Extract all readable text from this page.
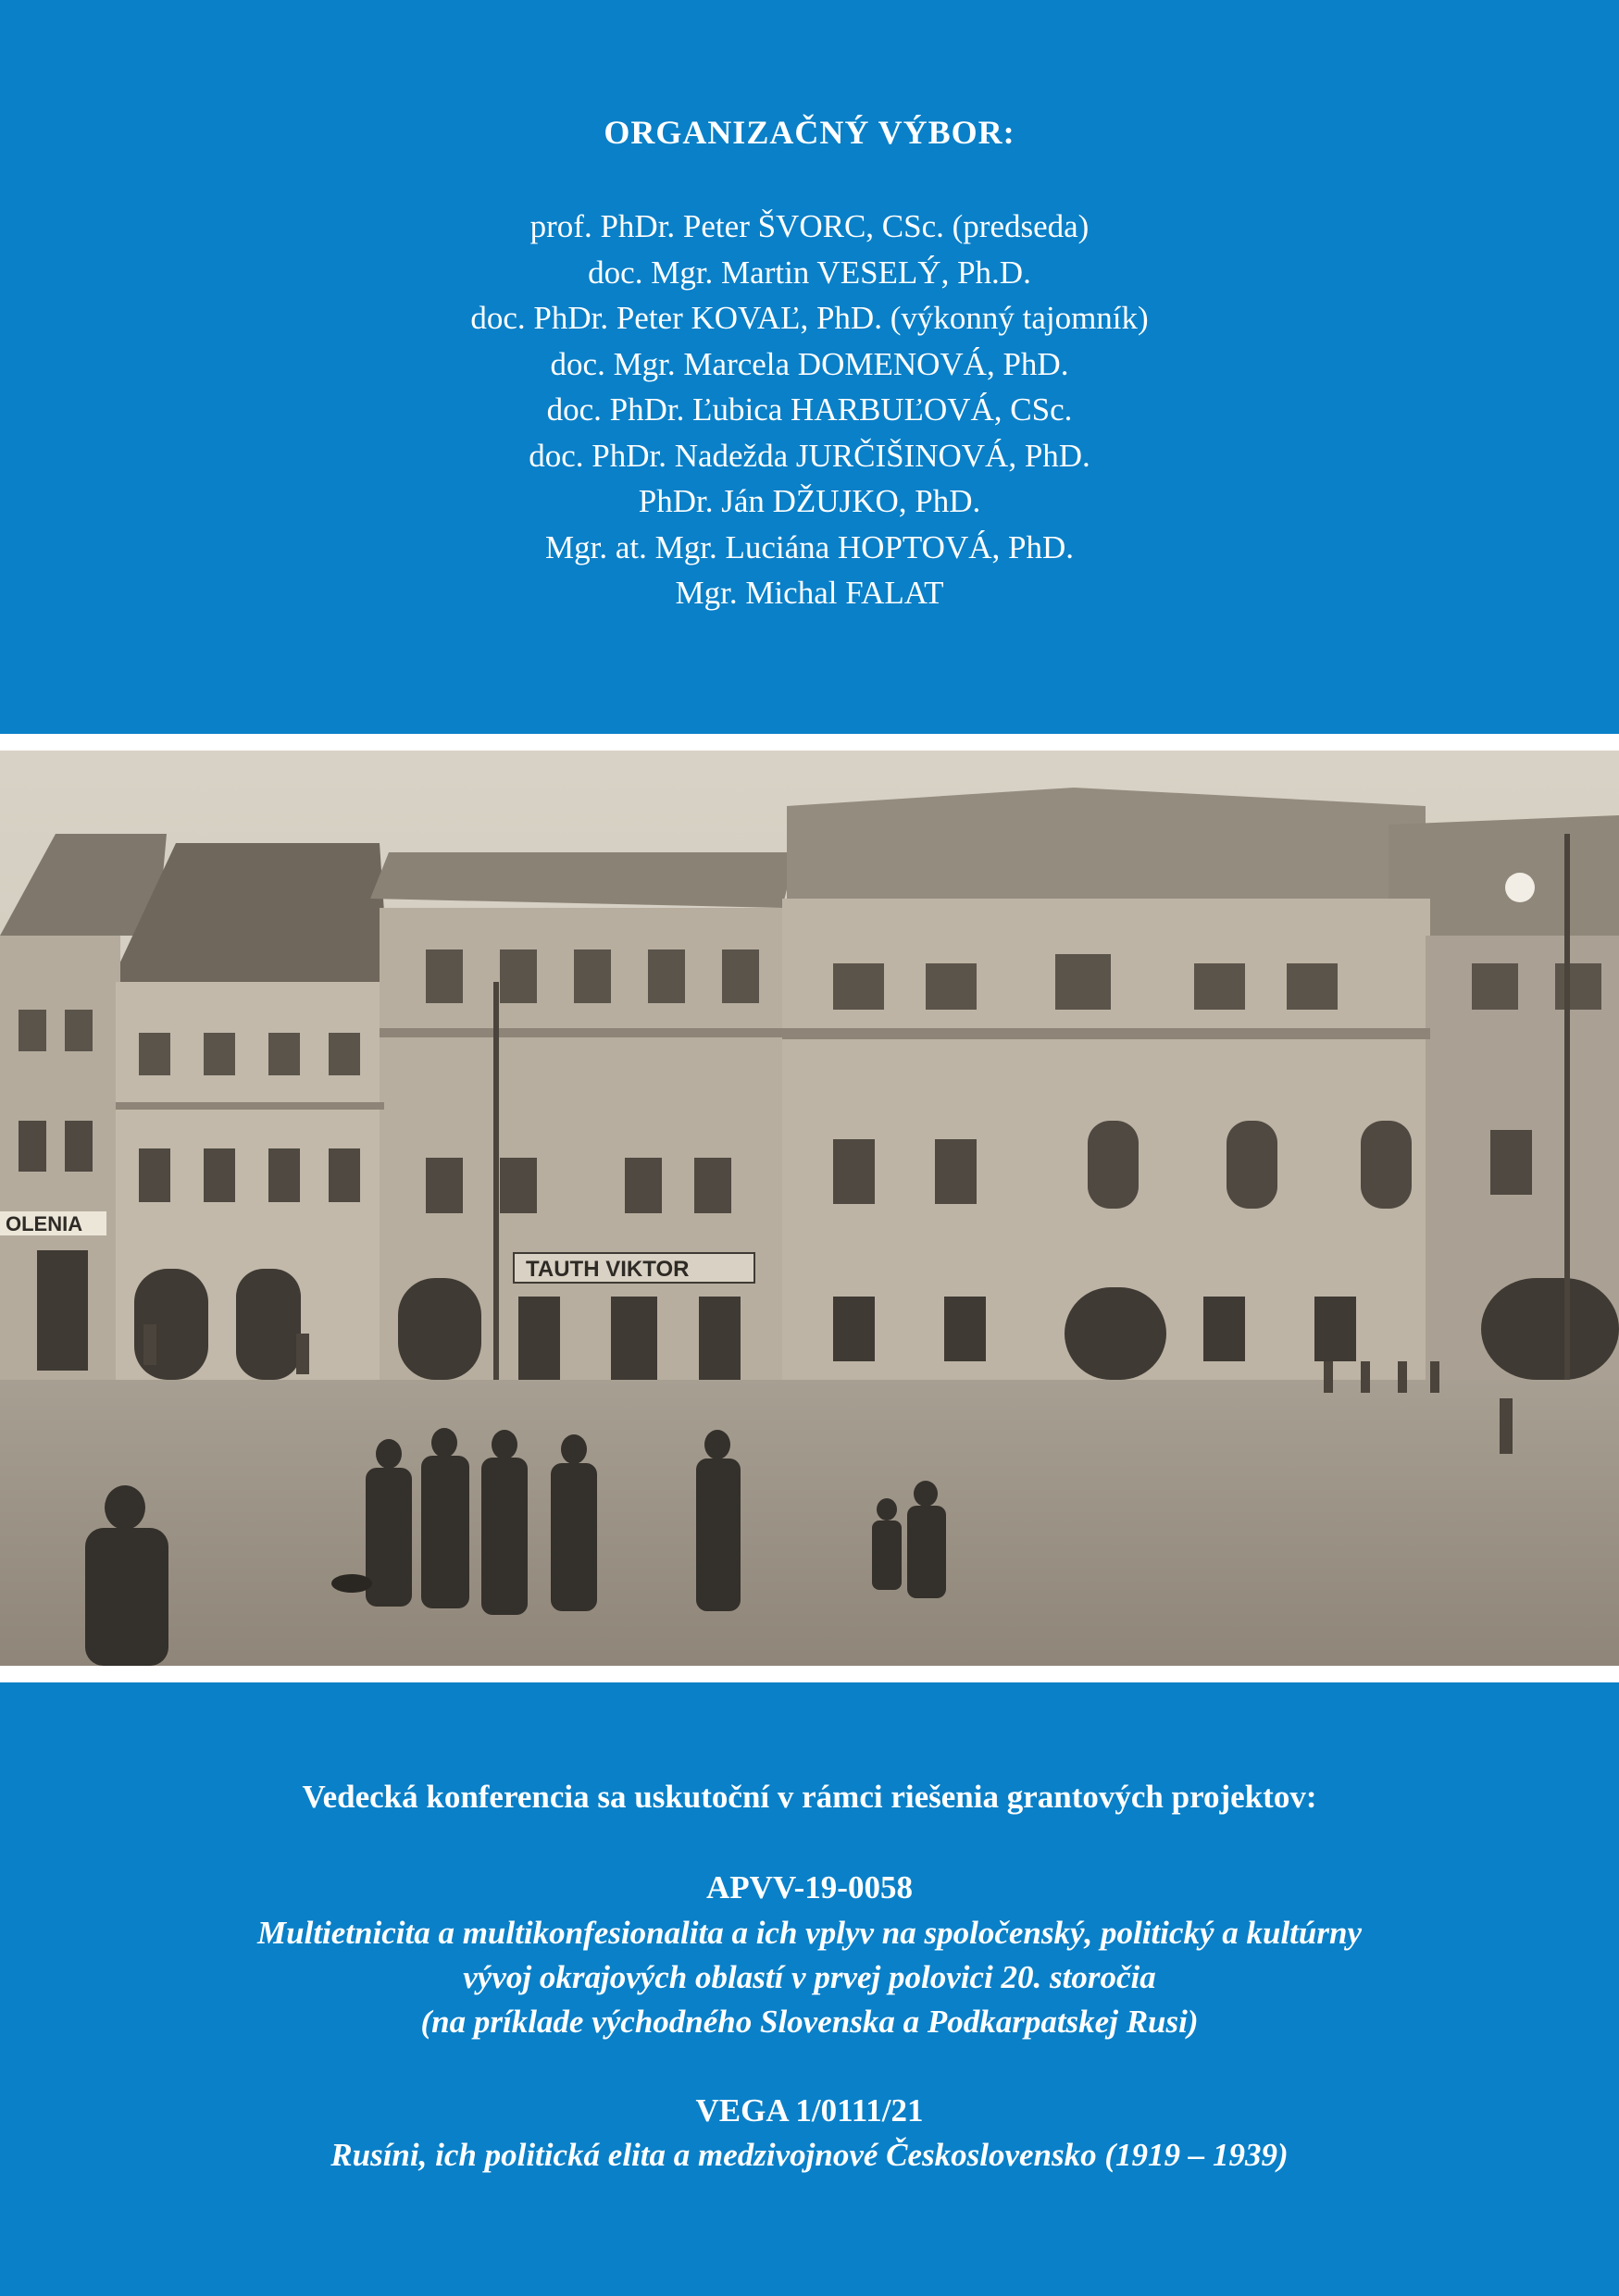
ORGANIZAČNÝ VÝBOR:
prof. PhDr. Peter ŠVORC, CSc. (predseda)
doc. Mgr. Martin VESELÝ, Ph.D.
doc. PhDr. Peter KOVAĽ, PhD. (výkonný tajomník)
doc. Mgr. Marcela DOMENOVÁ, PhD.
doc. PhDr. Ľubica HARBUĽOVÁ, CSc.
doc. PhDr. Nadežda JURČIŠINOVÁ, PhD.
PhDr. Ján DŽUJKO, PhD.
Mgr. at. Mgr. Luciána HOPTOVÁ, PhD.
Mgr. Michal FALAT
OLENIA
TAUTH VIKTOR
Vedecká konferencia sa uskutoční v rámci riešenia grantových projektov:
APVV-19-0058
Multietnicita a multikonfesionalita a ich vplyv na spoločenský, politický a kultúrny
vývoj okrajových oblastí v prvej polovici 20. storočia
(na príklade východného Slovenska a Podkarpatskej Rusi)
VEGA 1/0111/21
Rusíni, ich politická elita a medzivojnové Československo (1919 – 1939)
